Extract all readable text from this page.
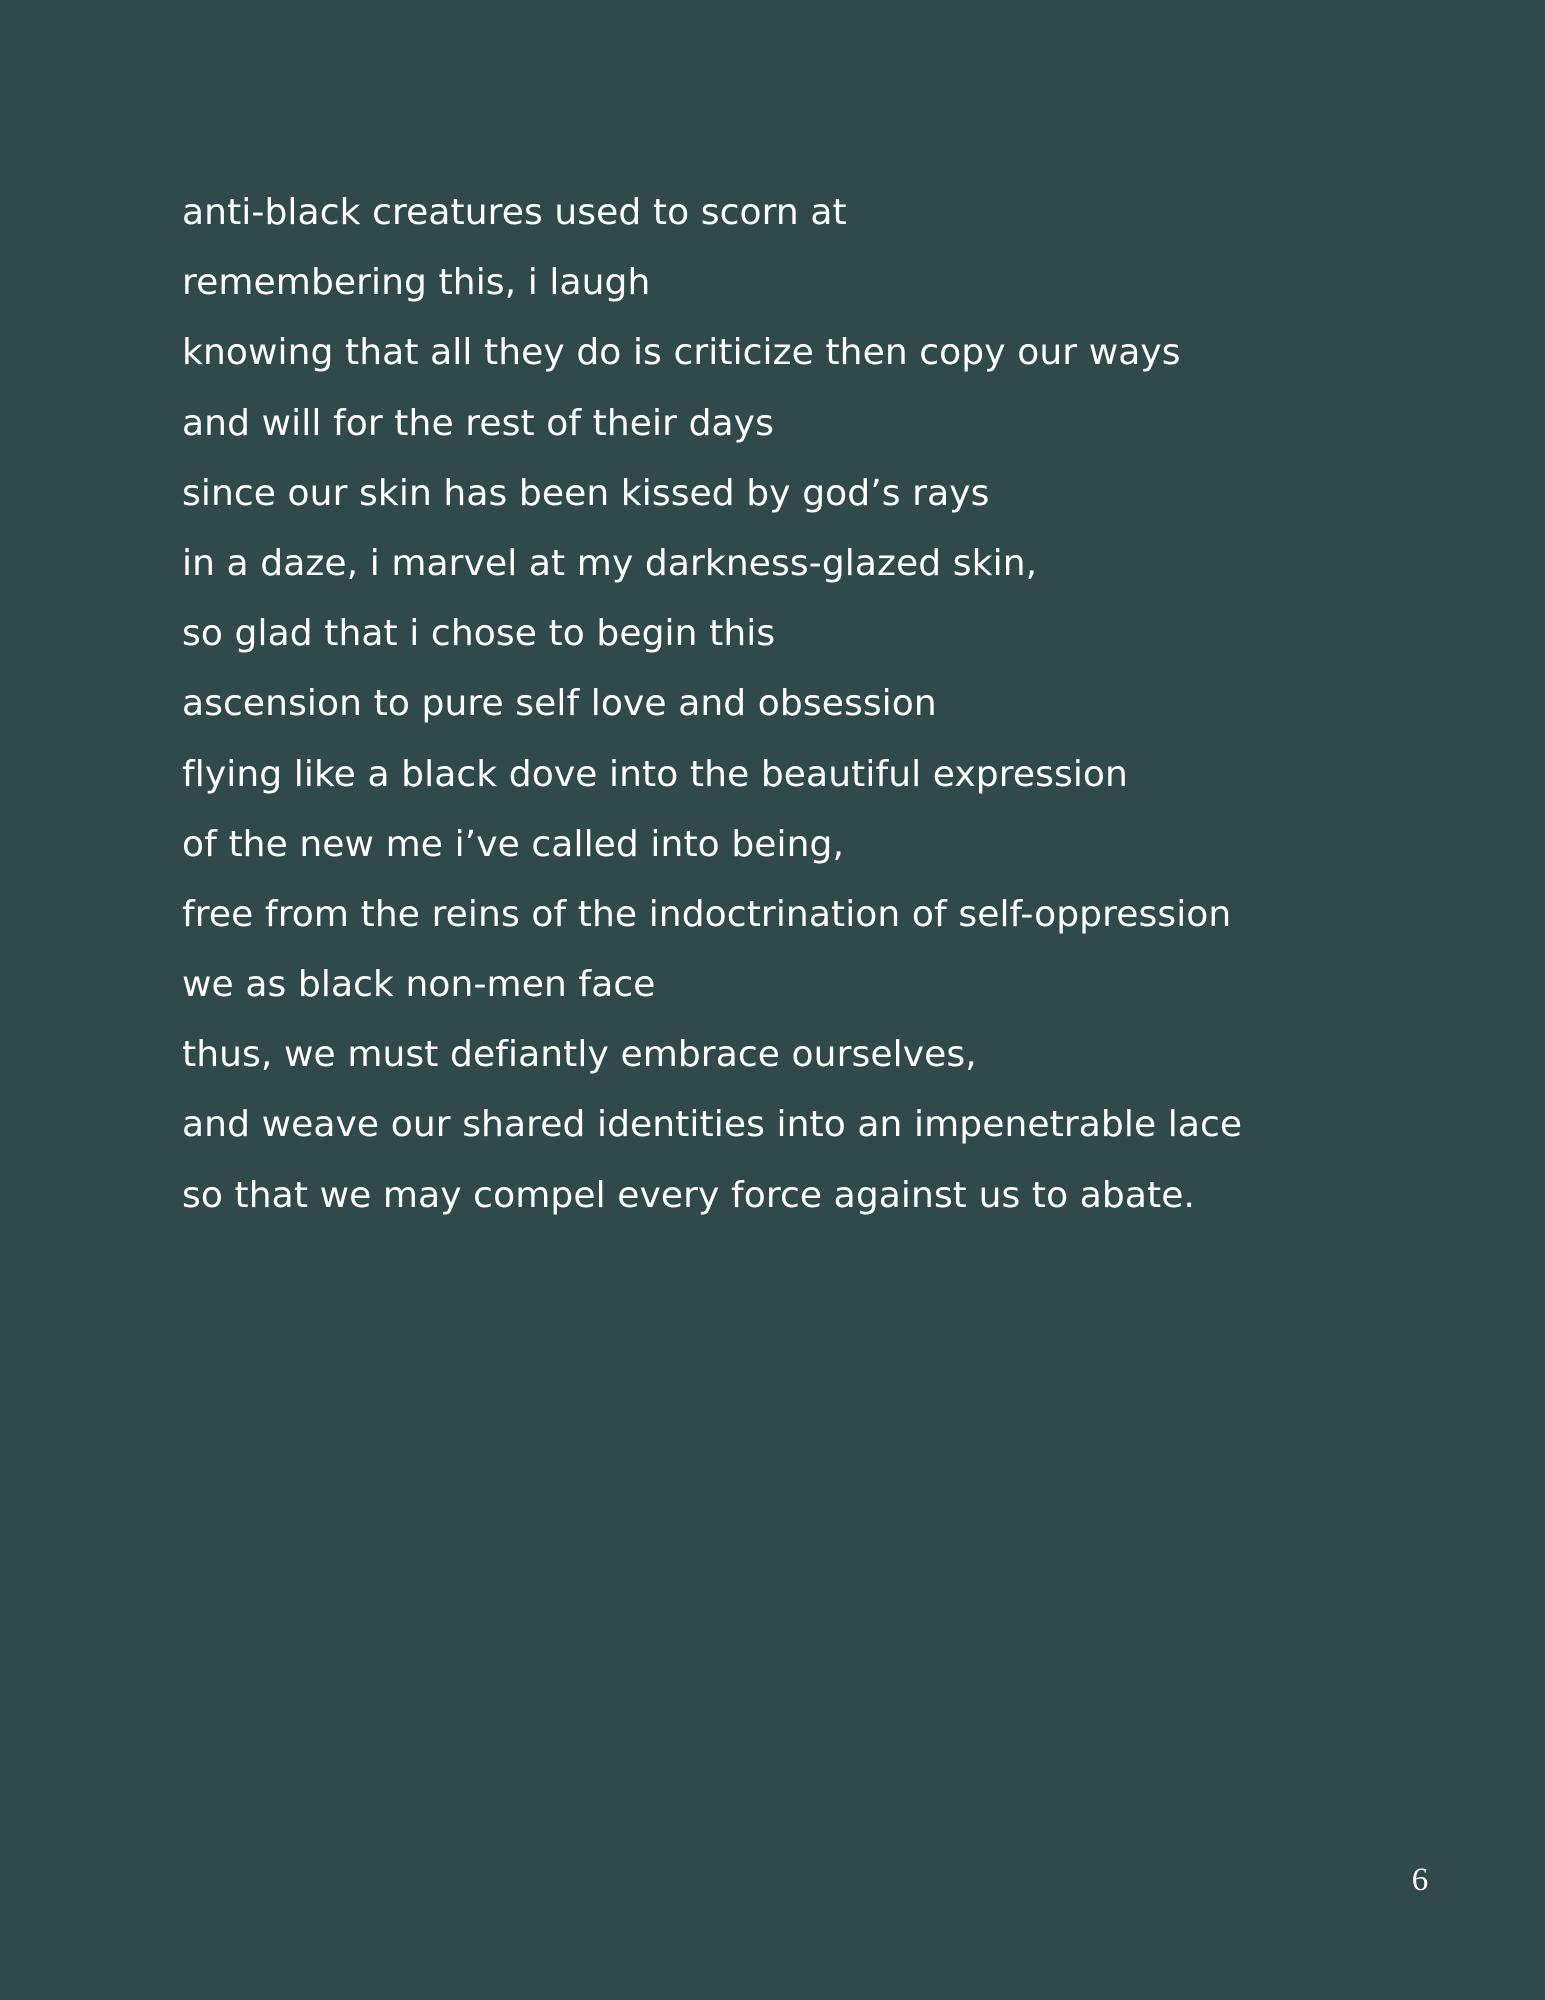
anti-black creatures used to scorn at
remembering this, i laugh
knowing that all they do is criticize then copy our ways
and will for the rest of their days
since our skin has been kissed by god’s rays
in a daze, i marvel at my darkness-glazed skin,
so glad that i chose to begin this
ascension to pure self love and obsession
flying like a black dove into the beautiful expression
of the new me i’ve called into being,
free from the reins of the indoctrination of self-oppression
we as black non-men face
thus, we must defiantly embrace ourselves,
and weave our shared identities into an impenetrable lace
so that we may compel every force against us to abate.
6
